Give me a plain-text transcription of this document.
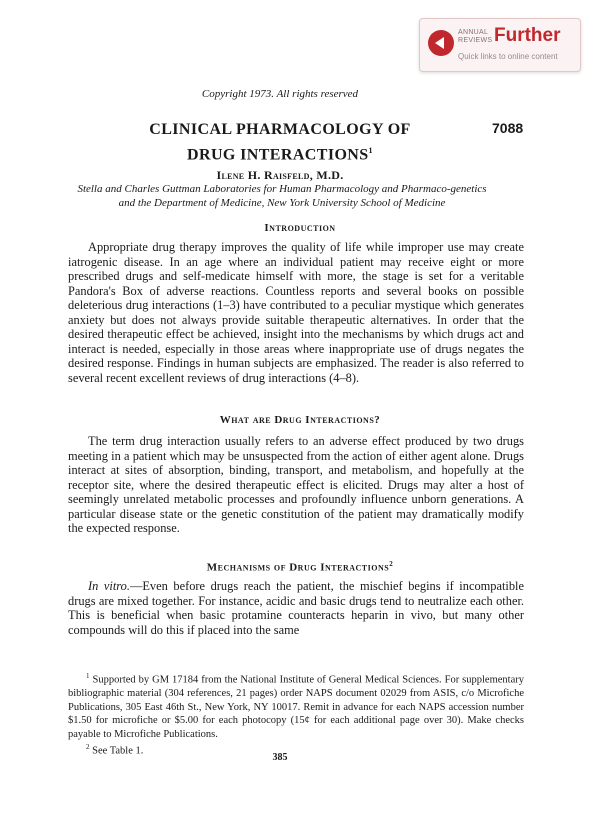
ANNUAL
REVIEWS Further
Quick links to online content
Copyright 1973. All rights reserved
7088
CLINICAL PHARMACOLOGY OF
DRUG INTERACTIONS$^1$
Ilene H. Raisfeld, M.D.
Stella and Charles Guttman Laboratories for Human Pharmacology and Pharmaco-genetics and the Department of Medicine, New York University School of Medicine
Introduction

Appropriate drug therapy improves the quality of life while improper use may create iatrogenic disease. In an age where an individual patient may receive eight or more prescribed drugs and self-medicate himself with more, the stage is set for a veritable Pandora's Box of adverse reactions. Countless reports and several books on possible deleterious drug interactions (1–3) have contributed to a peculiar mystique which generates anxiety but does not always provide suitable therapeutic alternatives. In order that the desired therapeutic effect be achieved, insight into the mechanisms by which drugs act and interact is needed, especially in those areas where inappropriate use of drugs negates the desired response. Findings in human subjects are emphasized. The reader is also referred to several recent excellent reviews of drug interactions (4–8).

What are Drug Interactions?

The term drug interaction usually refers to an adverse effect produced by two drugs meeting in a patient which may be unsuspected from the action of either agent alone. Drugs interact at sites of absorption, binding, transport, and metabolism, and hopefully at the receptor site, where the desired therapeutic effect is elicited. Drugs may alter a host of seemingly unrelated metabolic processes and profoundly influence unborn generations. A particular disease state or the genetic constitution of the patient may dramatically modify the expected response.

Mechanisms of Drug Interactions$^2$

In vitro.—Even before drugs reach the patient, the mischief begins if incompatible drugs are mixed together. For instance, acidic and basic drugs tend to neutralize each other. This is beneficial when basic protamine counteracts heparin in vivo, but many other compounds will do this if placed into the same

$^1$ Supported by GM 17184 from the National Institute of General Medical Sciences. For supplementary bibliographic material (304 references, 21 pages) order NAPS document 02029 from ASIS, c/o Microfiche Publications, 305 East 46th St., New York, NY 10017. Remit in advance for each NAPS accession number $1.50 for microfiche or $5.00 for each photocopy (15¢ for each additional page over 30). Make checks payable to Microfiche Publications.

$^2$ See Table 1.

385
